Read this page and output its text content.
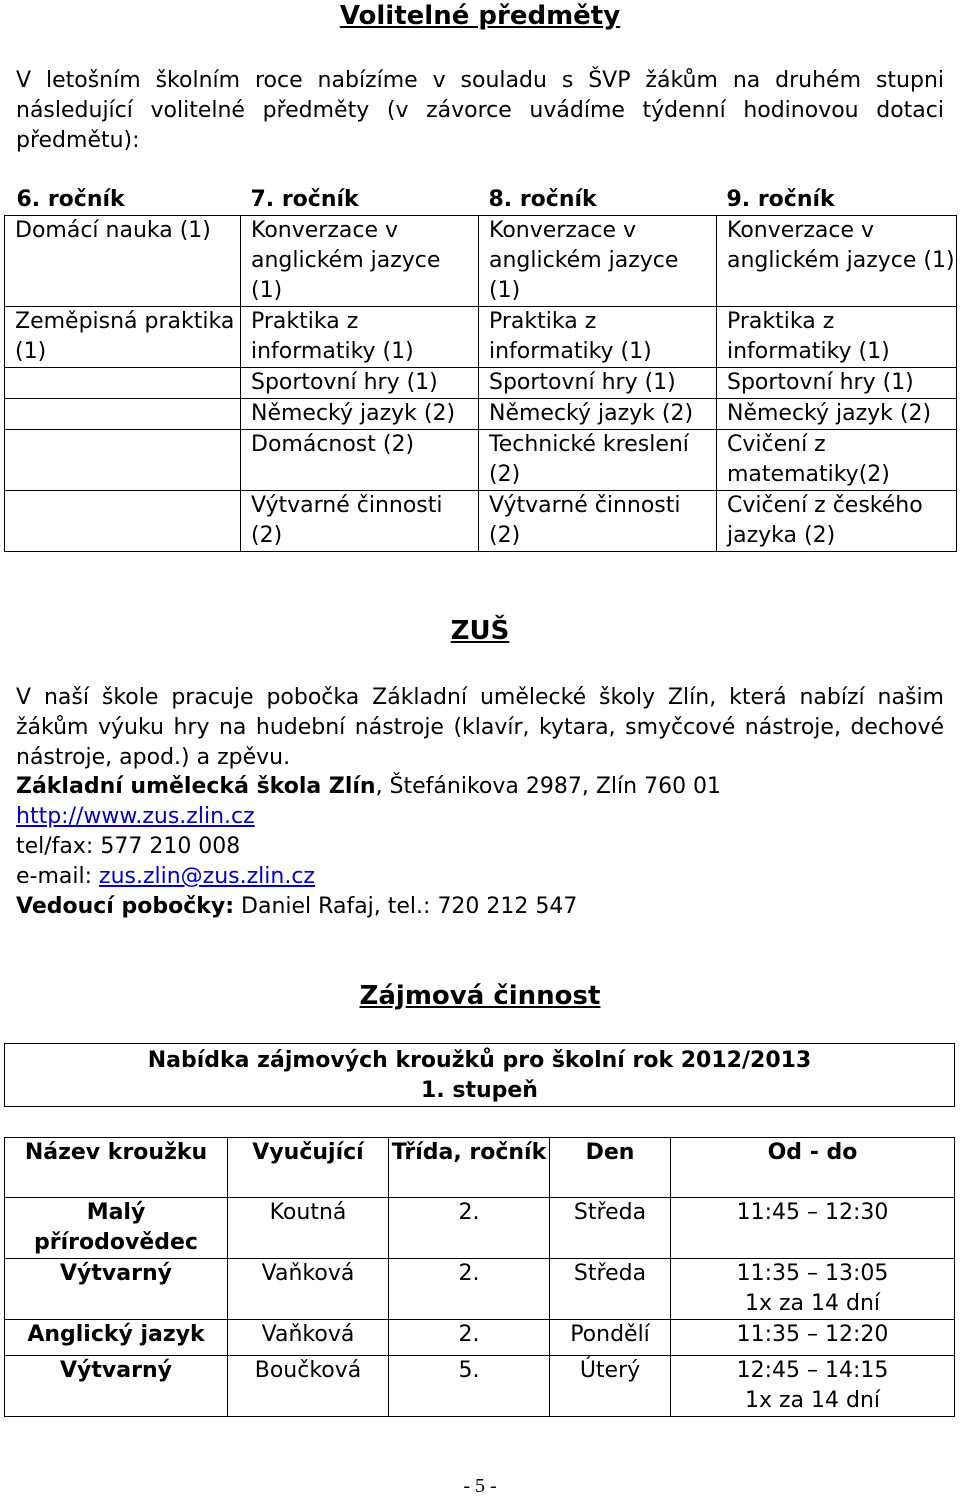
Volitelné předměty
V letošním školním roce nabízíme v souladu s ŠVP žákům na druhém stupni následující volitelné předměty (v závorce uvádíme týdenní hodinovou dotaci předmětu):
6. ročník	7. ročník	8. ročník	9. ročník
Domácí nauka (1)	Konverzace v anglickém jazyce (1)	Konverzace v anglickém jazyce (1)	Konverzace v anglickém jazyce (1)
Zeměpisná praktika (1)	Praktika z informatiky (1)	Praktika z informatiky (1)	Praktika z informatiky (1)
	Sportovní hry (1)	Sportovní hry (1)	Sportovní hry (1)
	Německý jazyk (2)	Německý jazyk (2)	Německý jazyk (2)
	Domácnost (2)	Technické kreslení (2)	Cvičení z matematiky(2)
	Výtvarné činnosti (2)	Výtvarné činnosti (2)	Cvičení z českého jazyka (2)
ZUŠ
V naší škole pracuje pobočka Základní umělecké školy Zlín, která nabízí našim žákům výuku hry na hudební nástroje (klavír, kytara, smyčcové nástroje, dechové nástroje, apod.) a zpěvu.
Základní umělecká škola Zlín, Štefánikova 2987, Zlín 760 01
http://www.zus.zlin.cz
tel/fax: 577 210 008
e-mail: zus.zlin@zus.zlin.cz
Vedoucí pobočky: Daniel Rafaj, tel.: 720 212 547
Zájmová činnost
Nabídka zájmových kroužků pro školní rok 2012/2013
1. stupeň
Název kroužku	Vyučující	Třída, ročník	Den	Od - do
Malý přírodovědec	Koutná	2.	Středa	11:45 – 12:30

Výtvarný	Vaňková	2.	Středa	11:35 – 13:05
1x za 14 dní

Anglický jazyk	Vaňková	2.	Pondělí	11:35 – 12:20

Výtvarný	Boučková	5.	Úterý	12:45 – 14:15
1x za 14 dní
- 5 -
